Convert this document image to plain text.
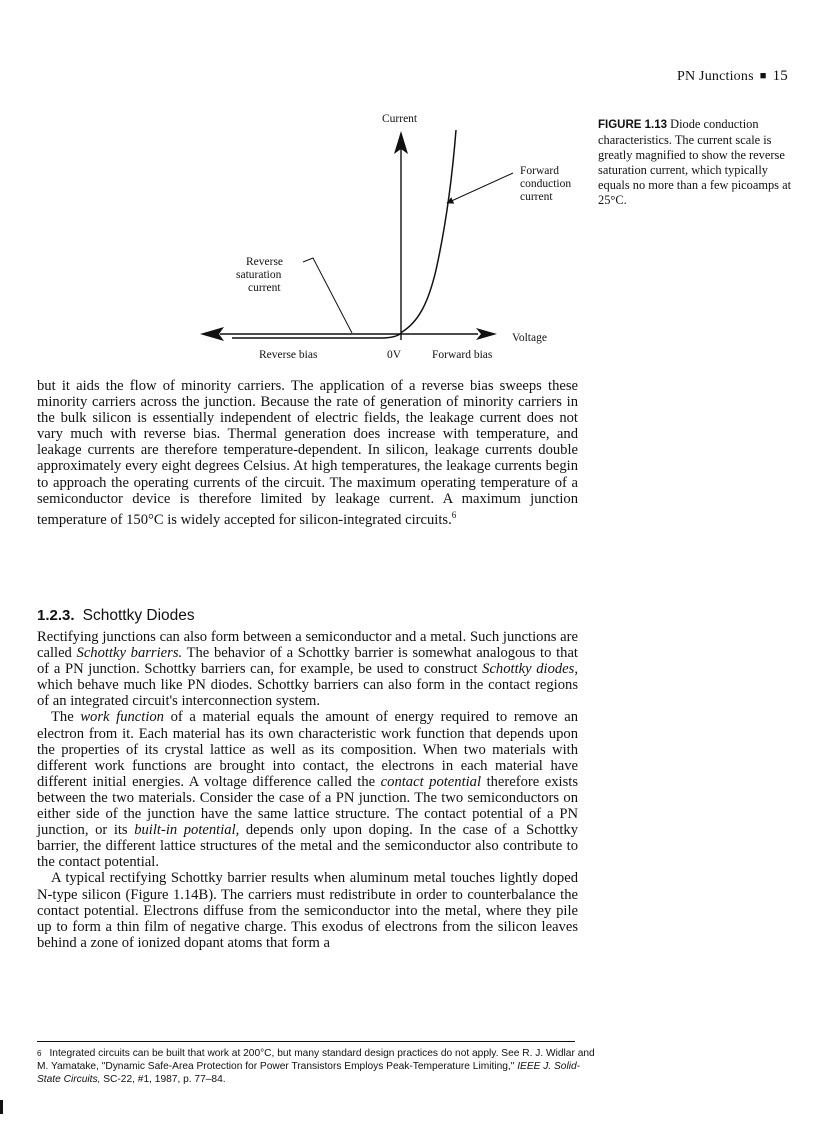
PN Junctions ■ 15
Current
Voltage
Forward
conduction
current
Reverse
saturation
current
Reverse bias	0V	Forward bias
FIGURE 1.13 Diode conduction characteristics. The current scale is greatly magnified to show the reverse saturation current, which typically equals no more than a few picoamps at 25°C.

but it aids the flow of minority carriers. The application of a reverse bias sweeps these minority carriers across the junction. Because the rate of generation of minority carriers in the bulk silicon is essentially independent of electric fields, the leakage current does not vary much with reverse bias. Thermal generation does increase with temperature, and leakage currents are therefore temperature-dependent. In silicon, leakage currents double approximately every eight degrees Celsius. At high temperatures, the leakage currents begin to approach the operating currents of the circuit. The maximum operating temperature of a semiconductor device is therefore limited by leakage current. A maximum junction temperature of 150°C is widely accepted for silicon-integrated circuits.$^6$

1.2.3. Schottky Diodes

Rectifying junctions can also form between a semiconductor and a metal. Such junctions are called Schottky barriers. The behavior of a Schottky barrier is somewhat analogous to that of a PN junction. Schottky barriers can, for example, be used to construct Schottky diodes, which behave much like PN diodes. Schottky barriers can also form in the contact regions of an integrated circuit's interconnection system.

The work function of a material equals the amount of energy required to remove an electron from it. Each material has its own characteristic work function that depends upon the properties of its crystal lattice as well as its composition. When two materials with different work functions are brought into contact, the electrons in each material have different initial energies. A voltage difference called the contact potential therefore exists between the two materials. Consider the case of a PN junction. The two semiconductors on either side of the junction have the same lattice structure. The contact potential of a PN junction, or its built-in potential, depends only upon doping. In the case of a Schottky barrier, the different lattice structures of the metal and the semiconductor also contribute to the contact potential.

A typical rectifying Schottky barrier results when aluminum metal touches lightly doped N-type silicon (Figure 1.14B). The carriers must redistribute in order to counterbalance the contact potential. Electrons diffuse from the semiconductor into the metal, where they pile up to form a thin film of negative charge. This exodus of electrons from the silicon leaves behind a zone of ionized dopant atoms that form a

$^6$ Integrated circuits can be built that work at 200°C, but many standard design practices do not apply. See R. J. Widlar and M. Yamatake, "Dynamic Safe-Area Protection for Power Transistors Employs Peak-Temperature Limiting," IEEE J. Solid-State Circuits, SC-22, #1, 1987, p. 77–84.
